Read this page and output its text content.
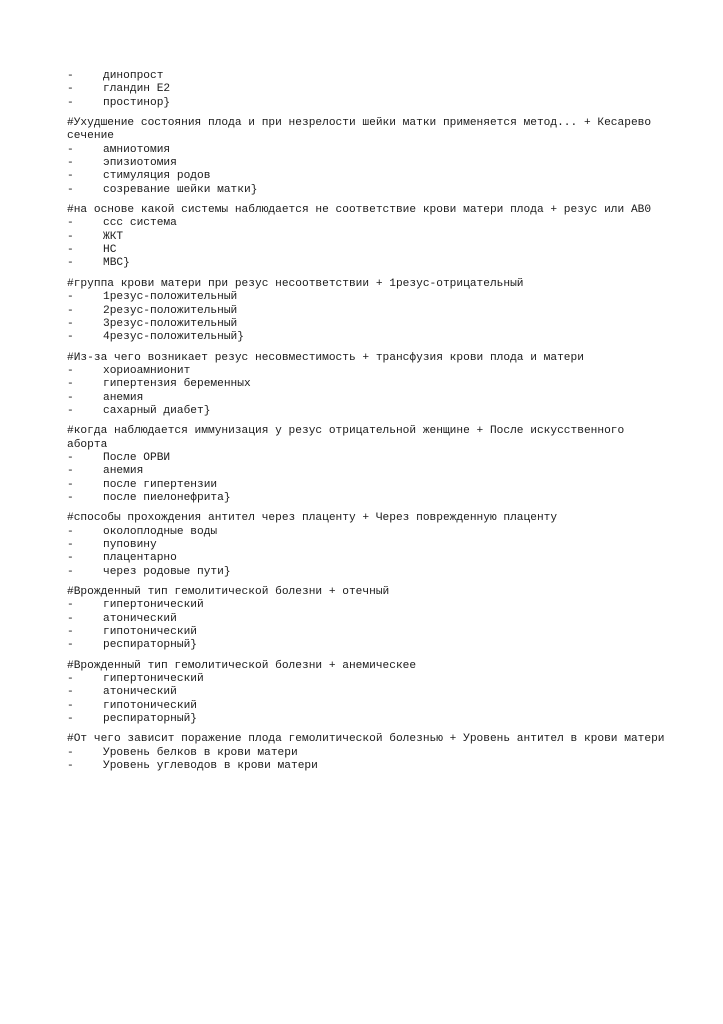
-	динопрост
-	гландин Е2
-	простинор}
#Ухудшение состояния плода и при незрелости шейки матки применяется метод... + Кесарево сечение
-	амниотомия
-	эпизиотомия
-	стимуляция родов
-	созревание шейки матки}
#на основе какой системы наблюдается не соответствие крови матери плода + резус или АВ0
-	ссс система
-	ЖКТ
-	НС
-	МВС}
#группа крови матери при резус несоответствии + 1резус-отрицательный
-	1резус-положительный
-	2резус-положительный
-	3резус-положительный
-	4резус-положительный}
#Из-за чего возникает резус несовместимость + трансфузия крови плода и матери
-	хориоамнионит
-	гипертензия беременных
-	анемия
-	сахарный диабет}
#когда наблюдается иммунизация у резус отрицательной женщине + После искусственного аборта
-	После ОРВИ
-	анемия
-	после гипертензии
-	после пиелонефрита}
#способы прохождения антител через плаценту + Через поврежденную плаценту
-	околоплодные воды
-	пуповину
-	плацентарно
-	через родовые пути}
#Врожденный тип гемолитической болезни + отечный
-	гипертонический
-	атонический
-	гипотонический
-	респираторный}
#Врожденный тип гемолитической болезни + анемическее
-	гипертонический
-	атонический
-	гипотонический
-	респираторный}
#От чего зависит поражение плода гемолитической болезнью + Уровень антител в крови матери
-	Уровень белков в крови матери
-	Уровень углеводов в крови матери
